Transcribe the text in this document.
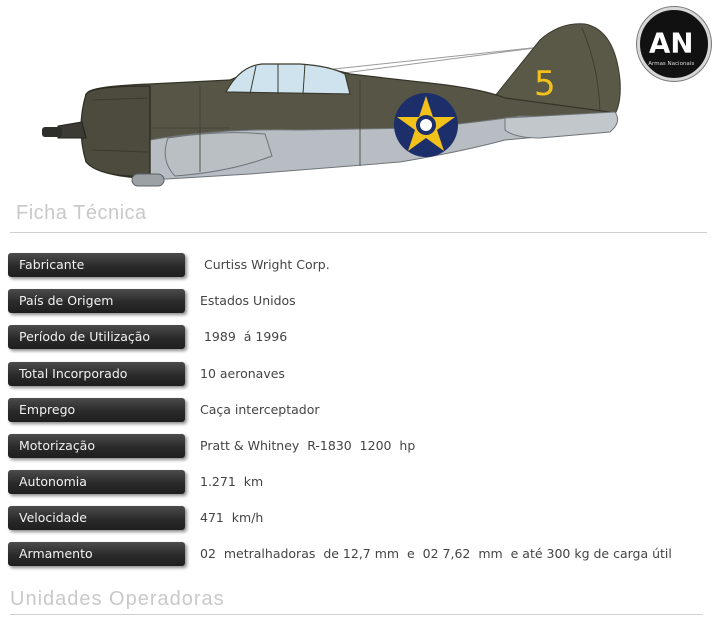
5
AN
Armas Nacionais
Ficha Técnica
Fabricante	Curtiss Wright Corp.
País de Origem	Estados Unidos
Período de Utilização	1989  á 1996
Total Incorporado	10 aeronaves
Emprego	Caça interceptador
Motorização	Pratt & Whitney  R-1830  1200  hp
Autonomia	1.271  km
Velocidade	471  km/h
Armamento	02  metralhadoras  de 12,7 mm  e  02 7,62  mm  e até 300 kg de carga útil
Unidades Operadoras
